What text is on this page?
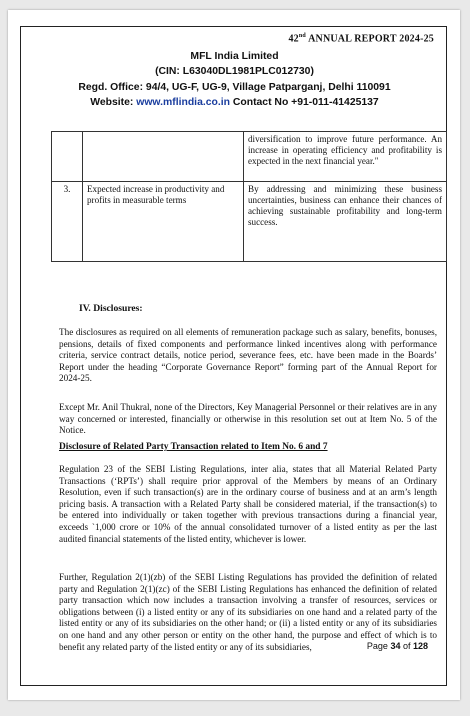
42nd ANNUAL REPORT 2024-25
MFL India Limited
(CIN: L63040DL1981PLC012730)
Regd. Office: 94/4, UG-F, UG-9, Village Patparganj, Delhi 110091
Website: www.mflindia.co.in Contact No +91-011-41425137
		diversification to improve future performance. An increase in operating efficiency and profitability is expected in the next financial year."
3.	Expected increase in productivity and profits in measurable terms	By addressing and minimizing these business uncertainties, business can enhance their chances of achieving sustainable profitability and long-term success.
IV. Disclosures:
The disclosures as required on all elements of remuneration package such as salary, benefits, bonuses, pensions, details of fixed components and performance linked incentives along with performance criteria, service contract details, notice period, severance fees, etc. have been made in the Boards’ Report under the heading “Corporate Governance Report” forming part of the Annual Report for 2024-25.
Except Mr. Anil Thukral, none of the Directors, Key Managerial Personnel or their relatives are in any way concerned or interested, financially or otherwise in this resolution set out at Item No. 5 of the Notice.
Disclosure of Related Party Transaction related to Item No. 6 and 7
Regulation 23 of the SEBI Listing Regulations, inter alia, states that all Material Related Party Transactions (‘RPTs’) shall require prior approval of the Members by means of an Ordinary Resolution, even if such transaction(s) are in the ordinary course of business and at an arm’s length pricing basis. A transaction with a Related Party shall be considered material, if the transaction(s) to be entered into individually or taken together with previous transactions during a financial year, exceeds `1,000 crore or 10% of the annual consolidated turnover of a listed entity as per the last audited financial statements of the listed entity, whichever is lower.
Further, Regulation 2(1)(zb) of the SEBI Listing Regulations has provided the definition of related party and Regulation 2(1)(zc) of the SEBI Listing Regulations has enhanced the definition of related party transaction which now includes a transaction involving a transfer of resources, services or obligations between (i) a listed entity or any of its subsidiaries on one hand and a related party of the listed entity or any of its subsidiaries on the other hand; or (ii) a listed entity or any of its subsidiaries on one hand and any other person or entity on the other hand, the purpose and effect of which is to benefit any related party of the listed entity or any of its subsidiaries,	Page 34 of 128
